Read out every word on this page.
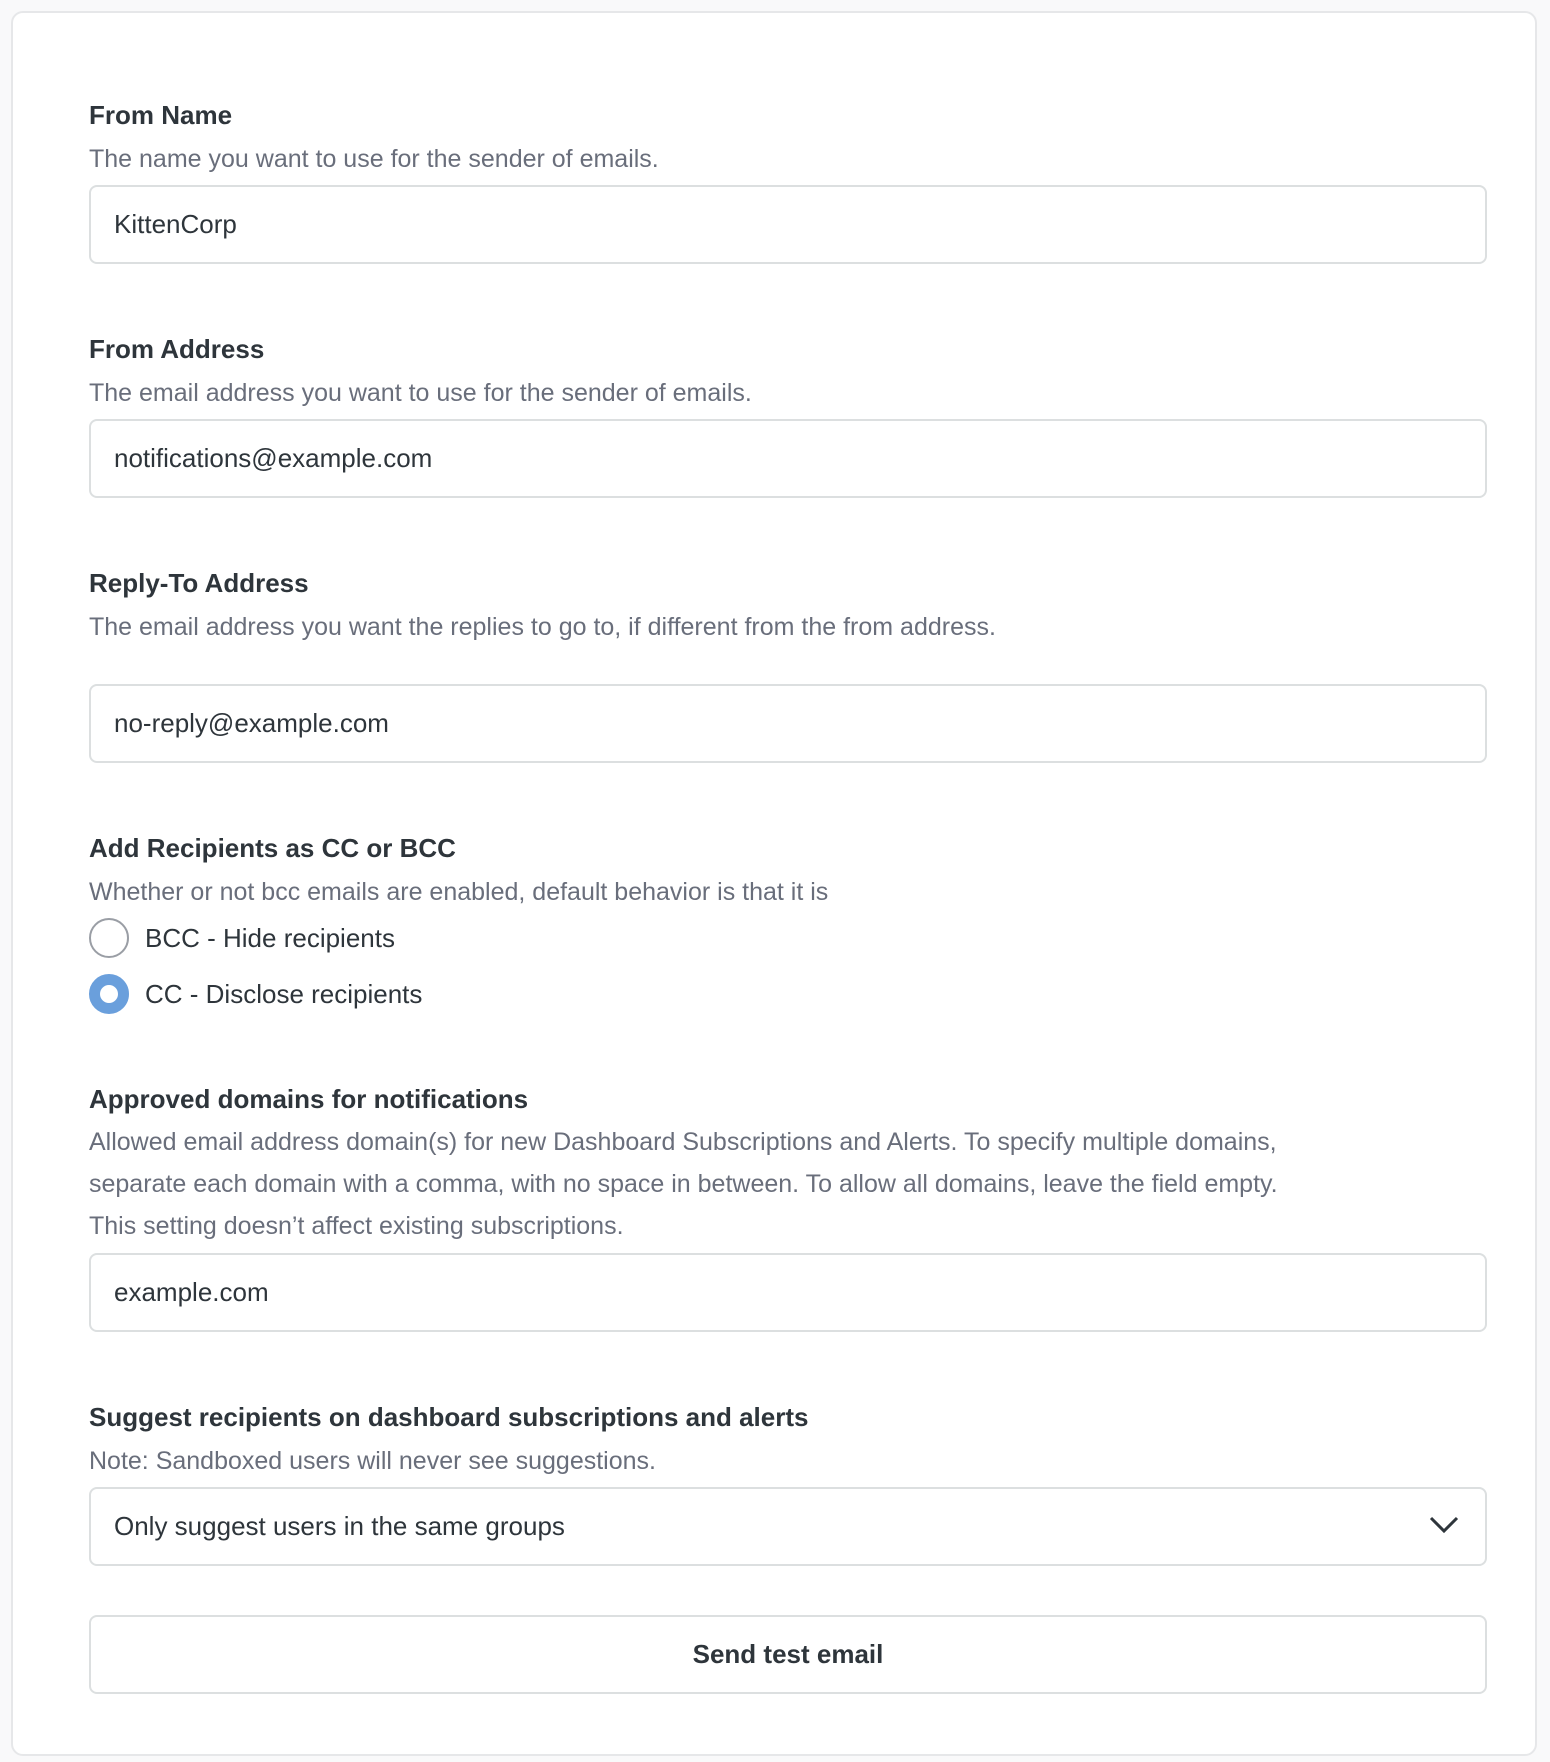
From Name
The name you want to use for the sender of emails.
KittenCorp
From Address
The email address you want to use for the sender of emails.
notifications@example.com
Reply-To Address
The email address you want the replies to go to, if different from the from address.
no-reply@example.com
Add Recipients as CC or BCC
Whether or not bcc emails are enabled, default behavior is that it is
BCC - Hide recipients
CC - Disclose recipients
Approved domains for notifications
Allowed email address domain(s) for new Dashboard Subscriptions and Alerts. To specify multiple domains, separate each domain with a comma, with no space in between. To allow all domains, leave the field empty. This setting doesn’t affect existing subscriptions.
example.com
Suggest recipients on dashboard subscriptions and alerts
Note: Sandboxed users will never see suggestions.
Only suggest users in the same groups
Send test email
